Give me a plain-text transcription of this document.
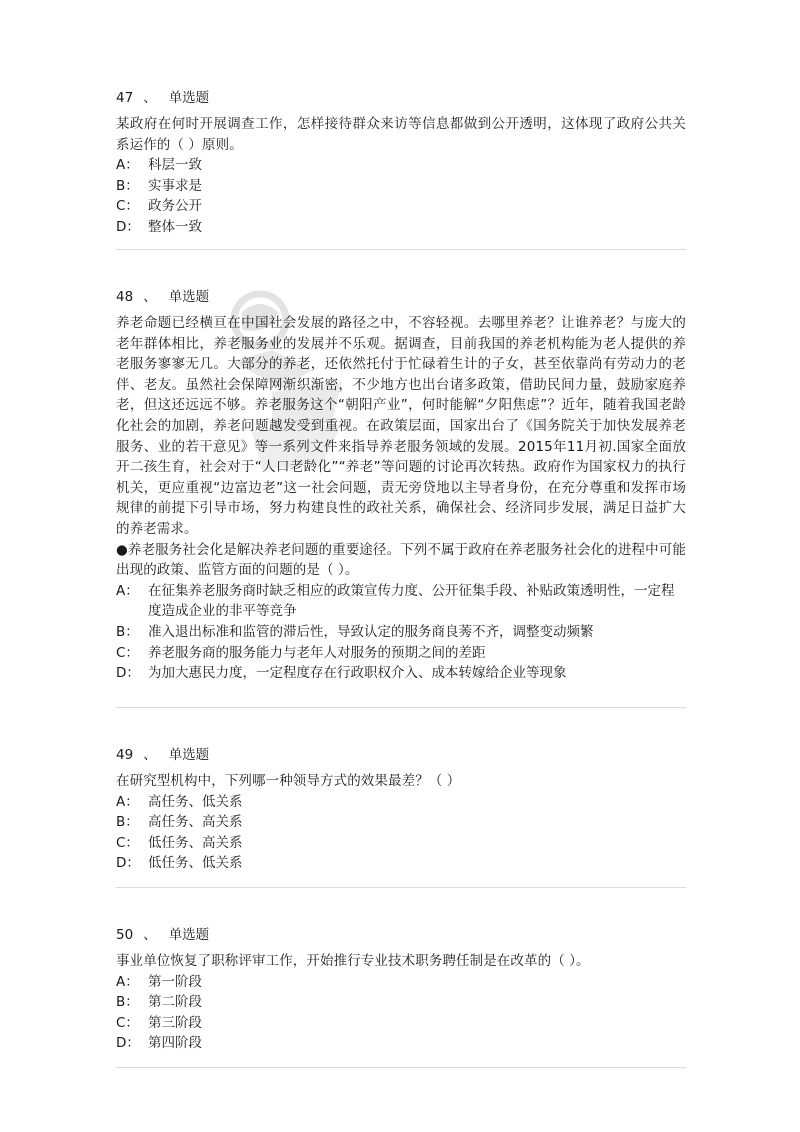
47 、 单选题

某政府在何时开展调查工作，怎样接待群众来访等信息都做到公开透明，这体现了政府公共关系运作的（ ）原则。

A： 科层一致
B： 实事求是
C： 政务公开
D： 整体一致
48 、 单选题

养老命题已经横亘在中国社会发展的路径之中，不容轻视。去哪里养老？让谁养老？与庞大的老年群体相比，养老服务业的发展并不乐观。据调查，目前我国的养老机构能为老人提供的养老服务寥寥无几。大部分的养老，还依然托付于忙碌着生计的子女，甚至依靠尚有劳动力的老伴、老友。虽然社会保障网渐织渐密，不少地方也出台诸多政策，借助民间力量，鼓励家庭养老，但这还远远不够。养老服务这个“朝阳产业”，何时能解“夕阳焦虑”？近年，随着我国老龄化社会的加剧，养老问题越发受到重视。在政策层面，国家出台了《国务院关于加快发展养老服务、业的若干意见》等一系列文件来指导养老服务领域的发展。2015年11月初.国家全面放开二孩生育，社会对于“人口老龄化”“养老”等问题的讨论再次转热。政府作为国家权力的执行机关，更应重视“边富边老”这一社会问题，责无旁贷地以主导者身份，在充分尊重和发挥市场规律的前提下引导市场，努力构建良性的政社关系，确保社会、经济同步发展，满足日益扩大的养老需求。

●养老服务社会化是解决养老问题的重要途径。下列不属于政府在养老服务社会化的进程中可能出现的政策、监管方面的问题的是（ ）。

A： 在征集养老服务商时缺乏相应的政策宣传力度、公开征集手段、补贴政策透明性，一定程度造成企业的非平等竞争
B： 准入退出标准和监管的滞后性，导致认定的服务商良莠不齐，调整变动频繁
C： 养老服务商的服务能力与老年人对服务的预期之间的差距
D： 为加大惠民力度，一定程度存在行政职权介入、成本转嫁给企业等现象
49 、 单选题

在研究型机构中，下列哪一种领导方式的效果最差？（ ）

A： 高任务、低关系
B： 高任务、高关系
C： 低任务、高关系
D： 低任务、低关系
50 、 单选题

事业单位恢复了职称评审工作，开始推行专业技术职务聘任制是在改革的（ ）。

A： 第一阶段
B： 第二阶段
C： 第三阶段
D： 第四阶段
